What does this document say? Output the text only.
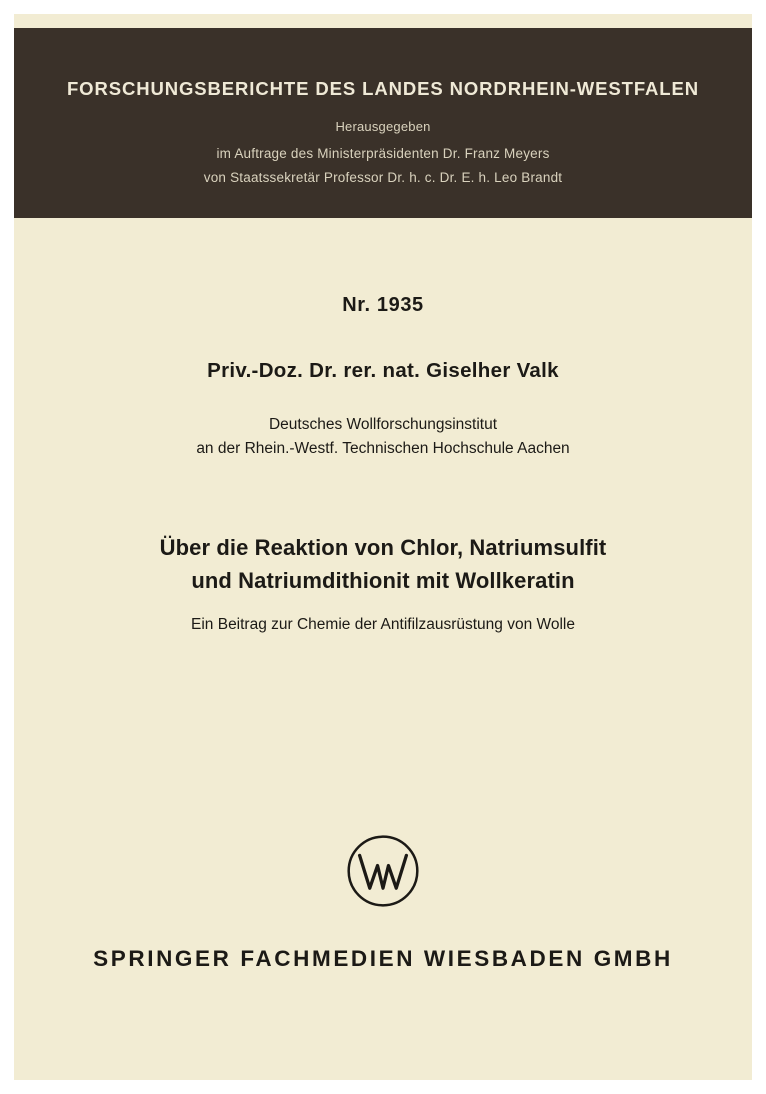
FORSCHUNGSBERICHTE DES LANDES NORDRHEIN-WESTFALEN
Herausgegeben
im Auftrage des Ministerpräsidenten Dr. Franz Meyers
von Staatssekretär Professor Dr. h. c. Dr. E. h. Leo Brandt
Nr. 1935
Priv.-Doz. Dr. rer. nat. Giselher Valk
Deutsches Wollforschungsinstitut
an der Rhein.-Westf. Technischen Hochschule Aachen
Über die Reaktion von Chlor, Natriumsulfit
und Natriumdithionit mit Wollkeratin
Ein Beitrag zur Chemie der Antifilzausrüstung von Wolle
SPRINGER FACHMEDIEN WIESBADEN GMBH
